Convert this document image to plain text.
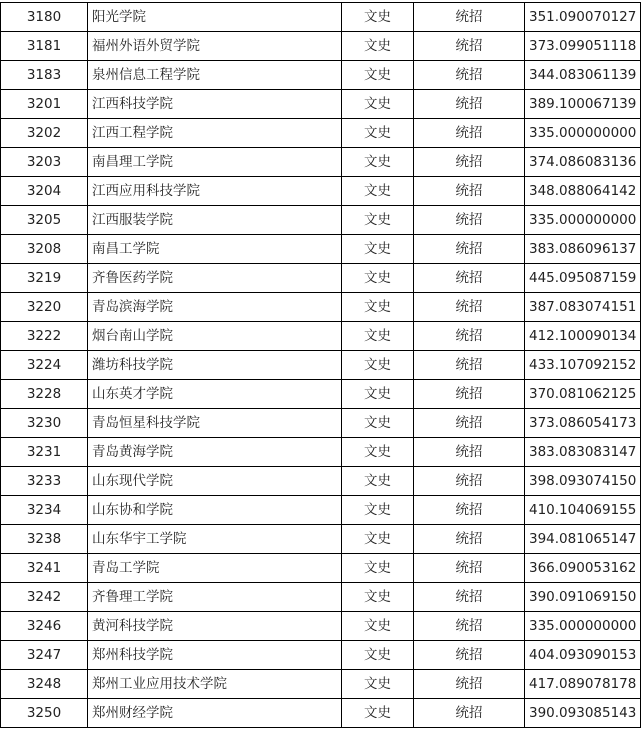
3180	阳光学院	文史	统招	351.090070127
3181	福州外语外贸学院	文史	统招	373.099051118
3183	泉州信息工程学院	文史	统招	344.083061139
3201	江西科技学院	文史	统招	389.100067139
3202	江西工程学院	文史	统招	335.000000000
3203	南昌理工学院	文史	统招	374.086083136
3204	江西应用科技学院	文史	统招	348.088064142
3205	江西服装学院	文史	统招	335.000000000
3208	南昌工学院	文史	统招	383.086096137
3219	齐鲁医药学院	文史	统招	445.095087159
3220	青岛滨海学院	文史	统招	387.083074151
3222	烟台南山学院	文史	统招	412.100090134
3224	潍坊科技学院	文史	统招	433.107092152
3228	山东英才学院	文史	统招	370.081062125
3230	青岛恒星科技学院	文史	统招	373.086054173
3231	青岛黄海学院	文史	统招	383.083083147
3233	山东现代学院	文史	统招	398.093074150
3234	山东协和学院	文史	统招	410.104069155
3238	山东华宇工学院	文史	统招	394.081065147
3241	青岛工学院	文史	统招	366.090053162
3242	齐鲁理工学院	文史	统招	390.091069150
3246	黄河科技学院	文史	统招	335.000000000
3247	郑州科技学院	文史	统招	404.093090153
3248	郑州工业应用技术学院	文史	统招	417.089078178
3250	郑州财经学院	文史	统招	390.093085143
